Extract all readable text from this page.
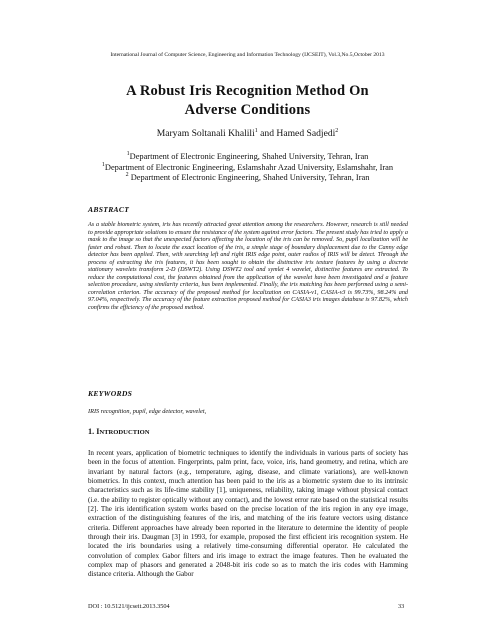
International Journal of Computer Science, Engineering and Information Technology (IJCSEIT), Vol.3,No.5,October 2013
A Robust Iris Recognition Method On
Adverse Conditions
Maryam Soltanali Khalili$^1$ and Hamed Sadjedi$^2$
$^1$Department of Electronic Engineering, Shahed University, Tehran, Iran
$^1$Department of Electronic Engineering, Eslamshahr Azad University, Eslamshahr, Iran
$^2$ Department of Electronic Engineering, Shahed University, Tehran, Iran
ABSTRACT
As a stable biometric system, iris has recently attracted great attention among the researchers. However, research is still needed to provide appropriate solutions to ensure the resistance of the system against error factors. The present study has tried to apply a mask to the image so that the unexpected factors affecting the location of the iris can be removed. So, pupil localization will be faster and robust. Then to locate the exact location of the iris, a simple stage of boundary displacement due to the Canny edge detector has been applied. Then, with searching left and right IRIS edge point, outer radios of IRIS will be detect. Through the process of extracting the iris features, it has been sought to obtain the distinctive iris texture features by using a discrete stationary wavelets transform 2-D (DSWT2). Using DSWT2 tool and symlet 4 wavelet, distinctive features are extracted. To reduce the computational cost, the features obtained from the application of the wavelet have been investigated and a feature selection procedure, using similarity criteria, has been implemented. Finally, the iris matching has been performed using a semi-correlation criterion. The accuracy of the proposed method for localization on CASIA-v1, CASIA-v3 is 99.73%, 98.24% and 97.04%, respectively. The accuracy of the feature extraction proposed method for CASIA3 iris images database is 97.82%, which confirms the efficiency of the proposed method.
KEYWORDS
IRIS recognition, pupil, edge detector, wavelet,
1. INTRODUCTION
In recent years, application of biometric techniques to identify the individuals in various parts of society has been in the focus of attention. Fingerprints, palm print, face, voice, iris, hand geometry, and retina, which are invariant by natural factors (e.g., temperature, aging, disease, and climate variations), are well-known biometrics. In this context, much attention has been paid to the iris as a biometric system due to its intrinsic characteristics such as its life-time stability [1], uniqueness, reliability, taking image without physical contact (i.e. the ability to register optically without any contact), and the lowest error rate based on the statistical results [2]. The iris identification system works based on the precise location of the iris region in any eye image, extraction of the distinguishing features of the iris, and matching of the iris feature vectors using distance criteria. Different approaches have already been reported in the literature to determine the identity of people through their iris. Daugman [3] in 1993, for example, proposed the first efficient iris recognition system. He located the iris boundaries using a relatively time-consuming differential operator. He calculated the convolution of complex Gabor filters and iris image to extract the image features. Then he evaluated the complex map of phasors and generated a 2048-bit iris code so as to match the iris codes with Hamming distance criteria. Although the Gabor
DOI : 10.5121/ijcseit.2013.3504	33
